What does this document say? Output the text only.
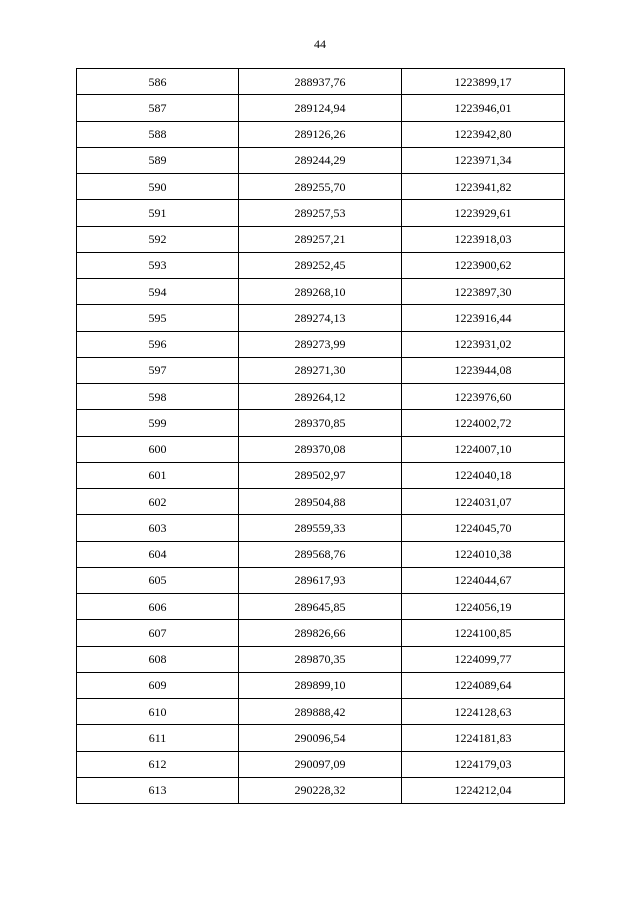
44
586	288937,76	1223899,17
587	289124,94	1223946,01
588	289126,26	1223942,80
589	289244,29	1223971,34
590	289255,70	1223941,82
591	289257,53	1223929,61
592	289257,21	1223918,03
593	289252,45	1223900,62
594	289268,10	1223897,30
595	289274,13	1223916,44
596	289273,99	1223931,02
597	289271,30	1223944,08
598	289264,12	1223976,60
599	289370,85	1224002,72
600	289370,08	1224007,10
601	289502,97	1224040,18
602	289504,88	1224031,07
603	289559,33	1224045,70
604	289568,76	1224010,38
605	289617,93	1224044,67
606	289645,85	1224056,19
607	289826,66	1224100,85
608	289870,35	1224099,77
609	289899,10	1224089,64
610	289888,42	1224128,63
611	290096,54	1224181,83
612	290097,09	1224179,03
613	290228,32	1224212,04
